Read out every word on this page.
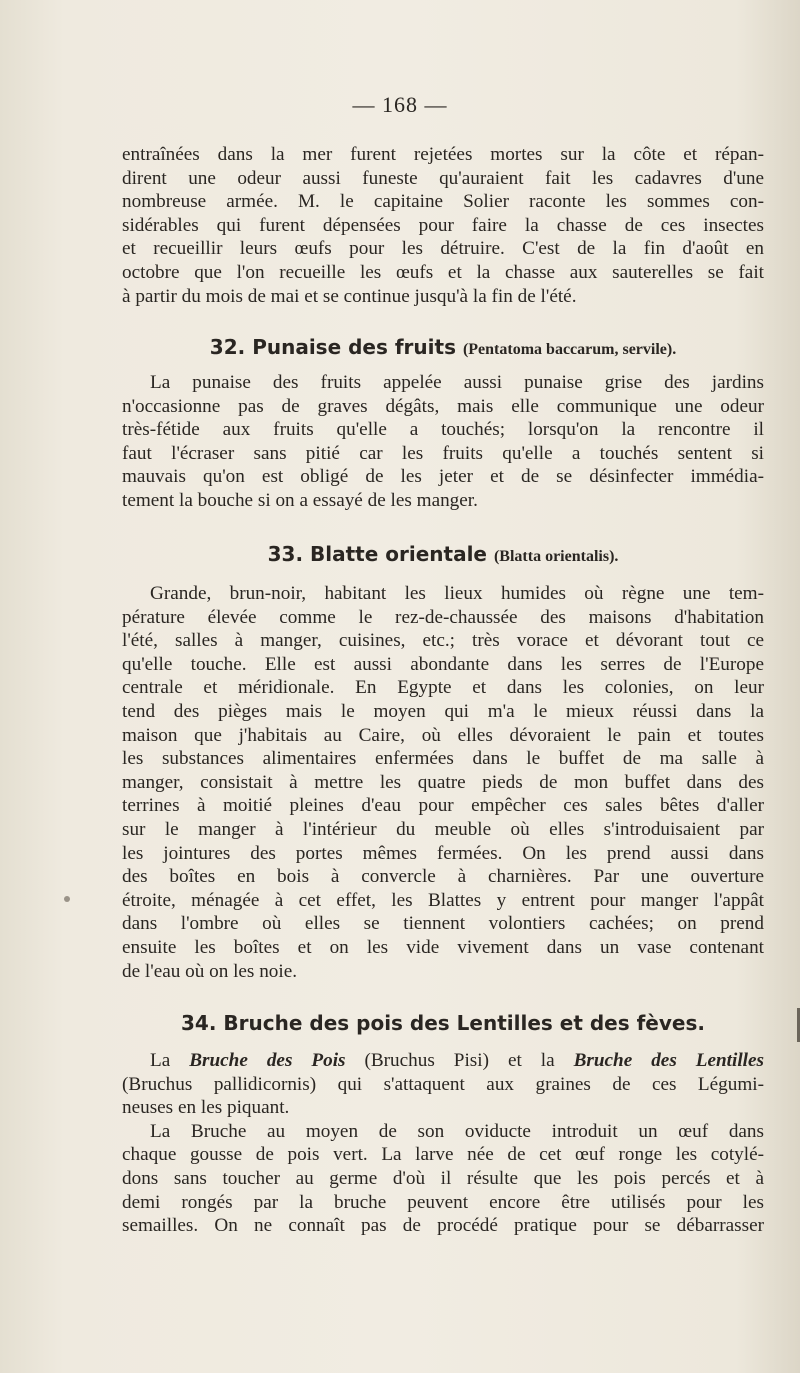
— 168 —

entraînées dans la mer furent rejetées mortes sur la côte et répan-

dirent une odeur aussi funeste qu'auraient fait les cadavres d'une

nombreuse armée. M. le capitaine Solier raconte les sommes con-

sidérables qui furent dépensées pour faire la chasse de ces insectes

et recueillir leurs œufs pour les détruire. C'est de la fin d'août en

octobre que l'on recueille les œufs et la chasse aux sauterelles se fait

à partir du mois de mai et se continue jusqu'à la fin de l'été.

32. Punaise des fruits (Pentatoma baccarum, servile).

La punaise des fruits appelée aussi punaise grise des jardins

n'occasionne pas de graves dégâts, mais elle communique une odeur

très-fétide aux fruits qu'elle a touchés; lorsqu'on la rencontre il

faut l'écraser sans pitié car les fruits qu'elle a touchés sentent si

mauvais qu'on est obligé de les jeter et de se désinfecter immédia-

tement la bouche si on a essayé de les manger.

33. Blatte orientale (Blatta orientalis).

Grande, brun-noir, habitant les lieux humides où règne une tem-

pérature élevée comme le rez-de-chaussée des maisons d'habitation

l'été, salles à manger, cuisines, etc.; très vorace et dévorant tout ce

qu'elle touche. Elle est aussi abondante dans les serres de l'Europe

centrale et méridionale. En Egypte et dans les colonies, on leur

tend des pièges mais le moyen qui m'a le mieux réussi dans la

maison que j'habitais au Caire, où elles dévoraient le pain et toutes

les substances alimentaires enfermées dans le buffet de ma salle à

manger, consistait à mettre les quatre pieds de mon buffet dans des

terrines à moitié pleines d'eau pour empêcher ces sales bêtes d'aller

sur le manger à l'intérieur du meuble où elles s'introduisaient par

les jointures des portes mêmes fermées. On les prend aussi dans

des boîtes en bois à convercle à charnières. Par une ouverture

étroite, ménagée à cet effet, les Blattes y entrent pour manger l'appât

dans l'ombre où elles se tiennent volontiers cachées; on prend

ensuite les boîtes et on les vide vivement dans un vase contenant

de l'eau où on les noie.

34. Bruche des pois des Lentilles et des fèves.

La Bruche des Pois (Bruchus Pisi) et la Bruche des Lentilles

(Bruchus pallidicornis) qui s'attaquent aux graines de ces Légumi-

neuses en les piquant.

La Bruche au moyen de son oviducte introduit un œuf dans

chaque gousse de pois vert. La larve née de cet œuf ronge les cotylé-

dons sans toucher au germe d'où il résulte que les pois percés et à

demi rongés par la bruche peuvent encore être utilisés pour les

semailles. On ne connaît pas de procédé pratique pour se débarrasser
